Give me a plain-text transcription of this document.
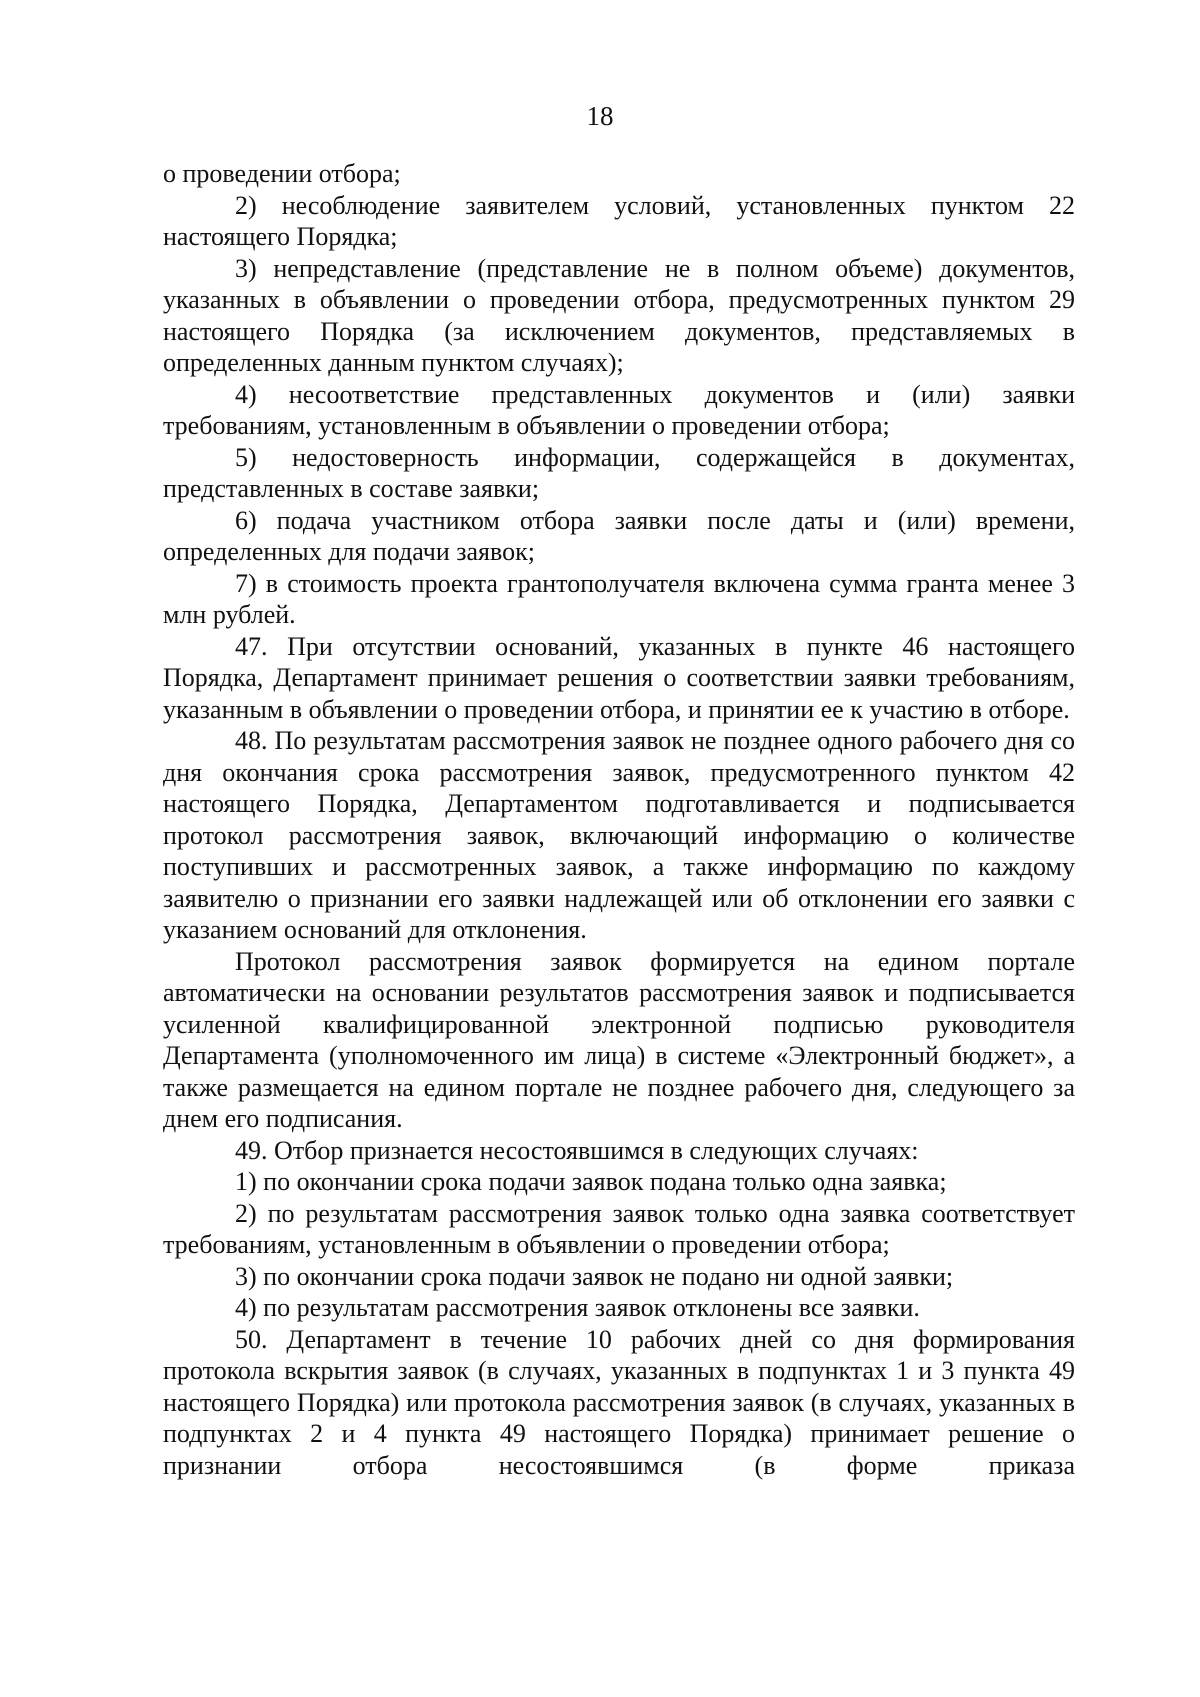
18

о проведении отбора;

2) несоблюдение заявителем условий, установленных пунктом 22 настоящего Порядка;

3) непредставление (представление не в полном объеме) документов, указанных в объявлении о проведении отбора, предусмотренных пунктом 29 настоящего Порядка (за исключением документов, представляемых в определенных данным пунктом случаях);

4) несоответствие представленных документов и (или) заявки требованиям, установленным в объявлении о проведении отбора;

5) недостоверность информации, содержащейся в документах, представленных в составе заявки;

6) подача участником отбора заявки после даты и (или) времени, определенных для подачи заявок;

7) в стоимость проекта грантополучателя включена сумма гранта менее 3 млн рублей.

47. При отсутствии оснований, указанных в пункте 46 настоящего Порядка, Департамент принимает решения о соответствии заявки требованиям, указанным в объявлении о проведении отбора, и принятии ее к участию в отборе.

48. По результатам рассмотрения заявок не позднее одного рабочего дня со дня окончания срока рассмотрения заявок, предусмотренного пунктом 42 настоящего Порядка, Департаментом подготавливается и подписывается протокол рассмотрения заявок, включающий информацию о количестве поступивших и рассмотренных заявок, а также информацию по каждому заявителю о признании его заявки надлежащей или об отклонении его заявки с указанием оснований для отклонения.

Протокол рассмотрения заявок формируется на едином портале автоматически на основании результатов рассмотрения заявок и подписывается усиленной квалифицированной электронной подписью руководителя Департамента (уполномоченного им лица) в системе «Электронный бюджет», а также размещается на едином портале не позднее рабочего дня, следующего за днем его подписания.

49. Отбор признается несостоявшимся в следующих случаях:

1) по окончании срока подачи заявок подана только одна заявка;

2) по результатам рассмотрения заявок только одна заявка соответствует требованиям, установленным в объявлении о проведении отбора;

3) по окончании срока подачи заявок не подано ни одной заявки;

4) по результатам рассмотрения заявок отклонены все заявки.

50. Департамент в течение 10 рабочих дней со дня формирования протокола вскрытия заявок (в случаях, указанных в подпунктах 1 и 3 пункта 49 настоящего Порядка) или протокола рассмотрения заявок (в случаях, указанных в подпунктах 2 и 4 пункта 49 настоящего Порядка) принимает решение о признании отбора несостоявшимся (в форме приказа
